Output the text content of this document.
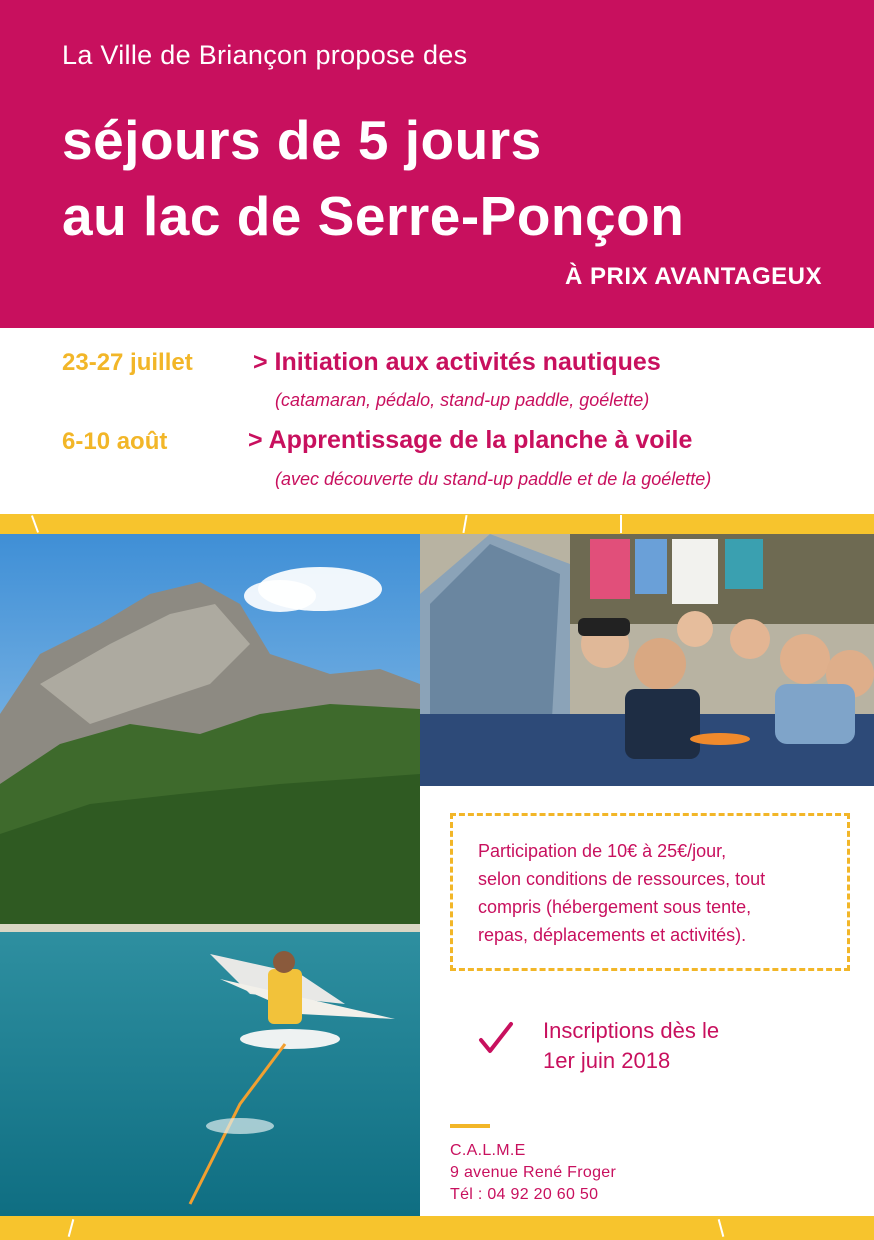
La Ville de Briançon propose des
séjours de 5 jours
au lac de Serre-Ponçon
À PRIX AVANTAGEUX
23-27 juillet > Initiation aux activités nautiques
(catamaran, pédalo, stand-up paddle, goélette)
6-10 août	> Apprentissage de la planche à voile
(avec découverte du stand-up paddle et de la goélette)
Participation de 10€ à 25€/jour,
selon conditions de ressources, tout
compris (hébergement sous tente,
repas, déplacements et activités).
Inscriptions dès le
1er juin 2018
C.A.L.M.E
9 avenue René Froger
Tél : 04 92 20 60 50
